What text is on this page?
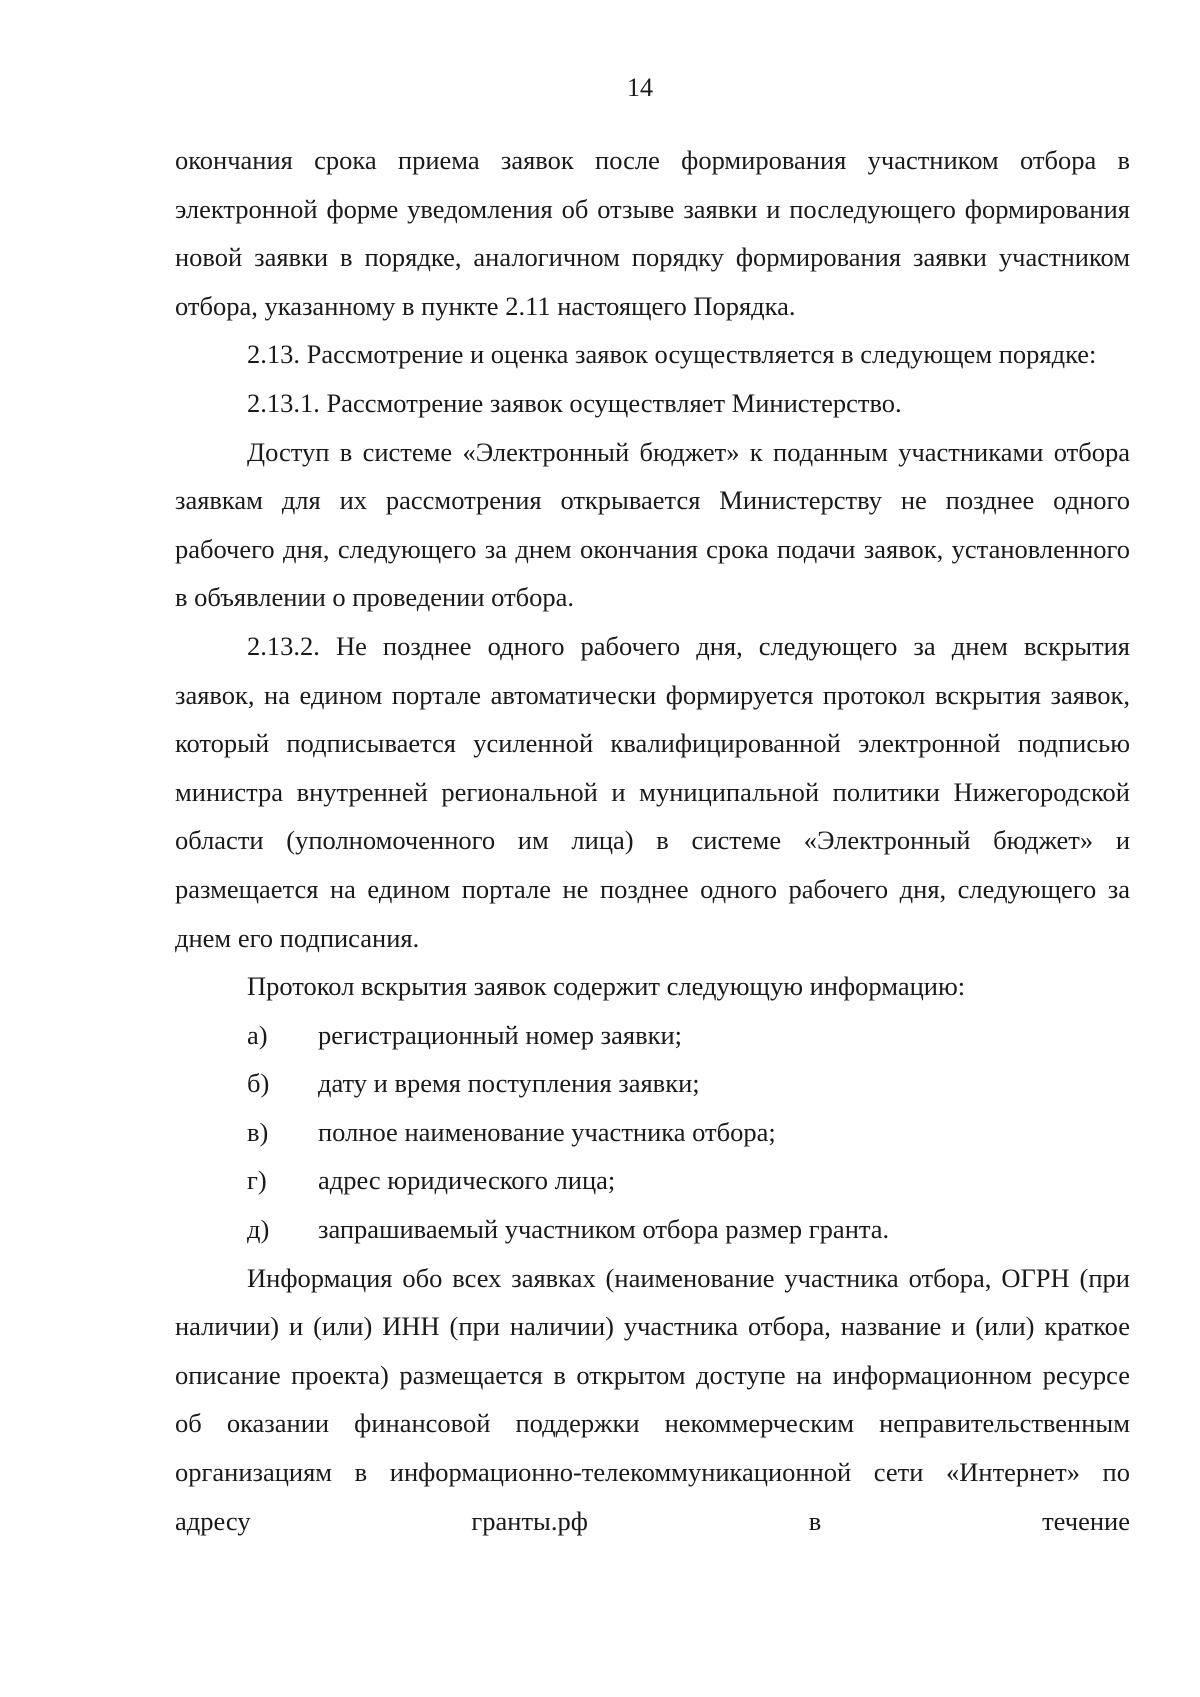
14

окончания срока приема заявок после формирования участником отбора в электронной форме уведомления об отзыве заявки и последующего формирования новой заявки в порядке, аналогичном порядку формирования заявки участником отбора, указанному в пункте 2.11 настоящего Порядка.

2.13. Рассмотрение и оценка заявок осуществляется в следующем порядке:

2.13.1. Рассмотрение заявок осуществляет Министерство.

Доступ в системе «Электронный бюджет» к поданным участниками отбора заявкам для их рассмотрения открывается Министерству не позднее одного рабочего дня, следующего за днем окончания срока подачи заявок, установленного в объявлении о проведении отбора.

2.13.2. Не позднее одного рабочего дня, следующего за днем вскрытия заявок, на едином портале автоматически формируется протокол вскрытия заявок, который подписывается усиленной квалифицированной электронной подписью министра внутренней региональной и муниципальной политики Нижегородской области (уполномоченного им лица) в системе «Электронный бюджет» и размещается на едином портале не позднее одного рабочего дня, следующего за днем его подписания.

Протокол вскрытия заявок содержит следующую информацию:

а)	регистрационный номер заявки;
б)	дату и время поступления заявки;
в)	полное наименование участника отбора;
г)	адрес юридического лица;
д)	запрашиваемый участником отбора размер гранта.

Информация обо всех заявках (наименование участника отбора, ОГРН (при наличии) и (или) ИНН (при наличии) участника отбора, название и (или) краткое описание проекта) размещается в открытом доступе на информационном ресурсе об оказании финансовой поддержки некоммерческим неправительственным организациям в информационно-телекоммуникационной сети «Интернет» по адресу гранты.рф в течение
